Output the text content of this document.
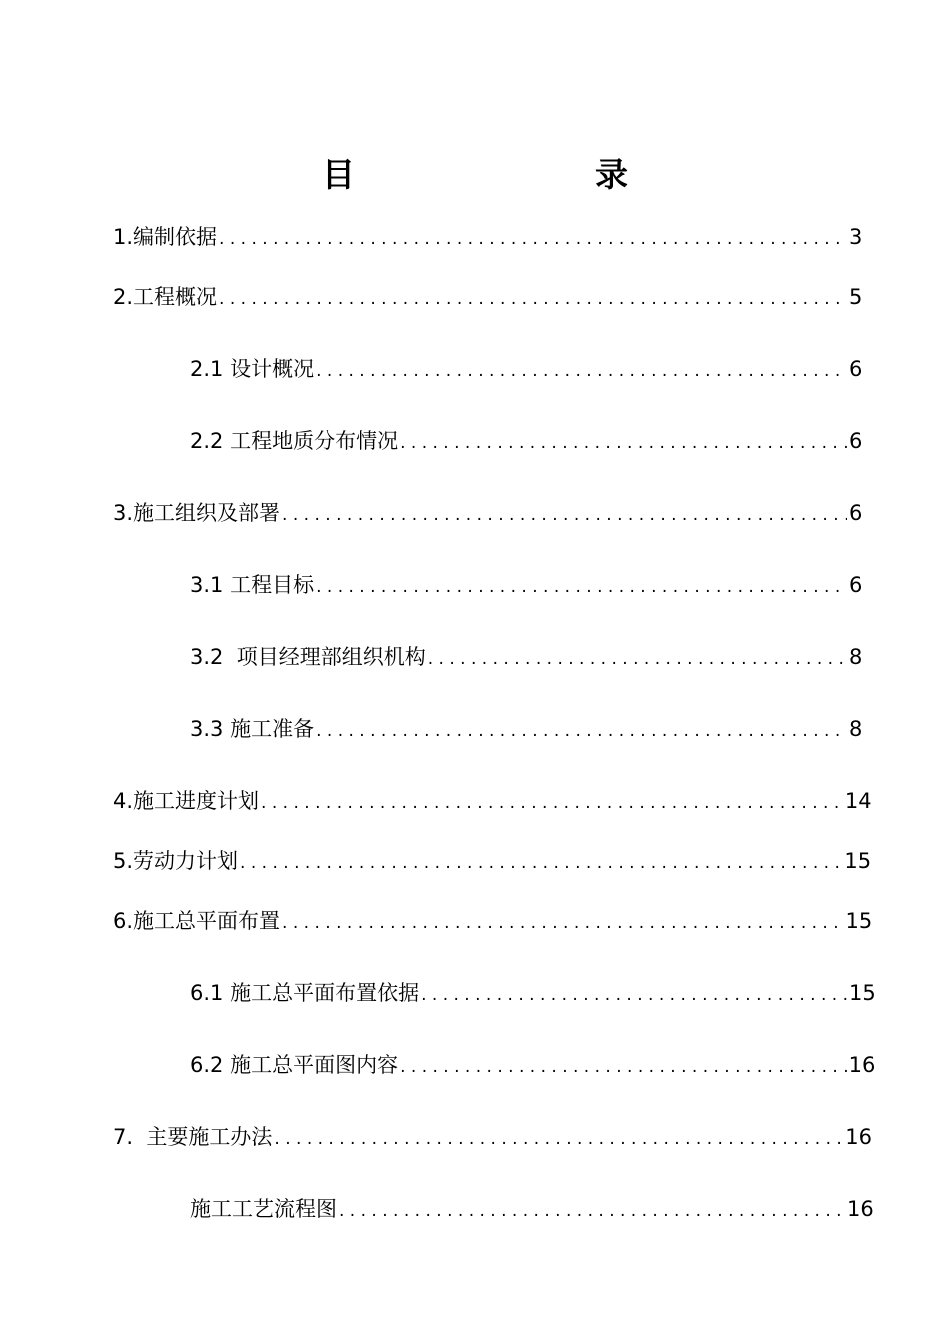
目　　录
1. 编制依据 . . .	3
2. 工程概况 . . .	5
2.1 设计概况 . . .	6
2.2 工程地质分布情况 . . .	6
3. 施工组织及部署 . . .	6
3.1 工程目标 . . .	6
3.2 项目经理部组织机构 . . .	8
3.3 施工准备 . . .	8
4. 施工进度计划 . . .	14
5. 劳动力计划 . . .	15
6. 施工总平面布置 . . .	15
6.1 施工总平面布置依据 . . .	15
6.2 施工总平面图内容 . . .	16
7. 主要施工办法 . . .	16
施工工艺流程图 . . .	16
